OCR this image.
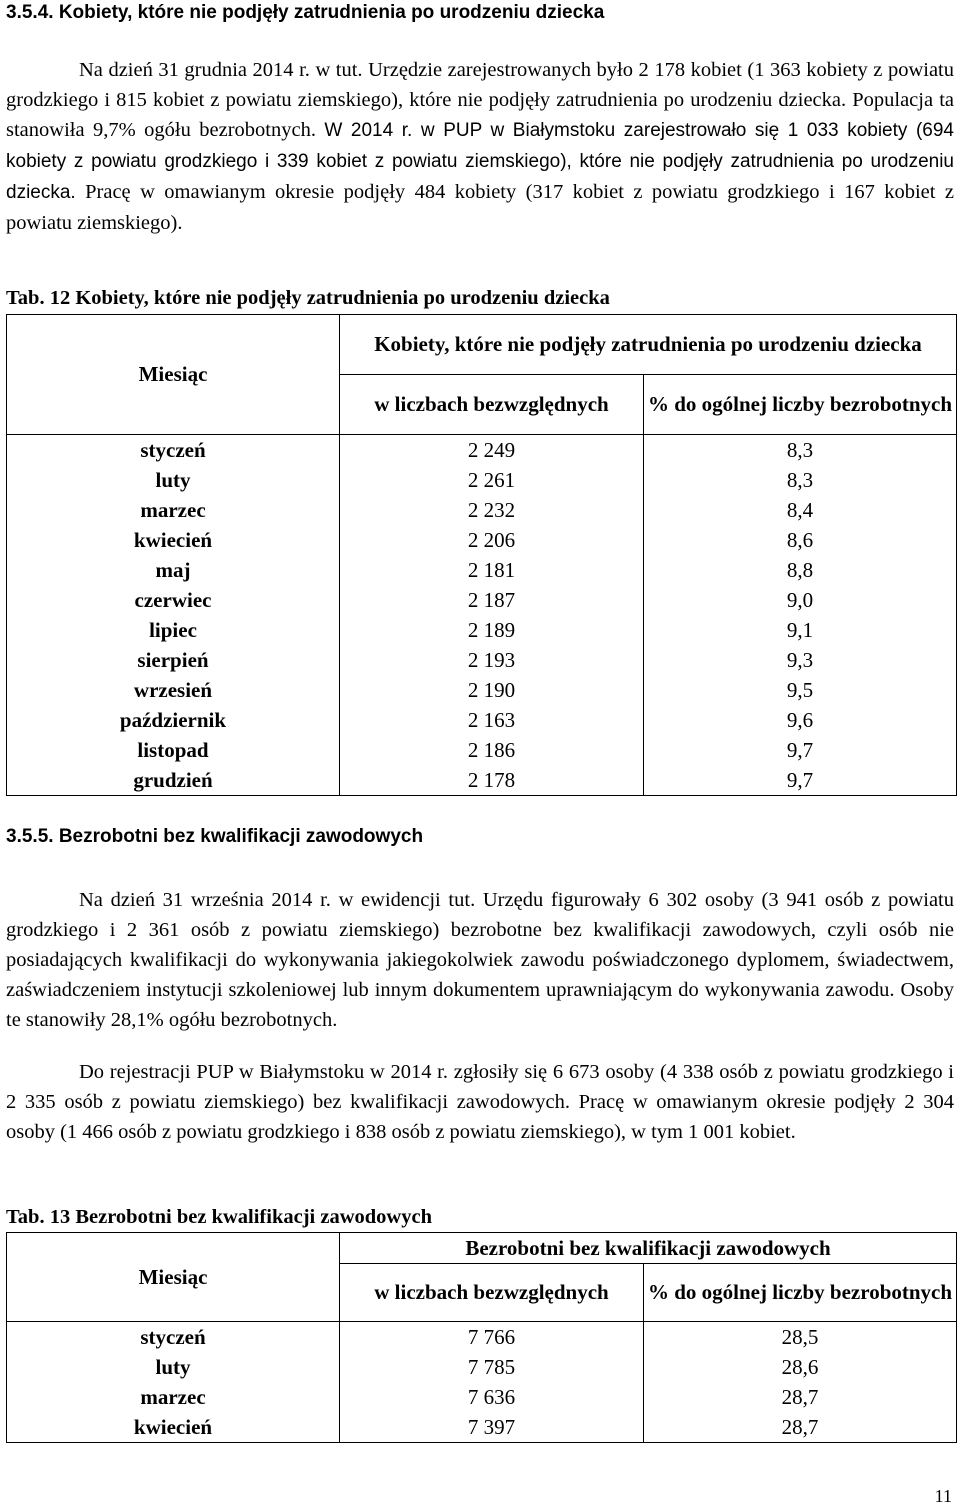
3.5.4. Kobiety, które nie podjęły zatrudnienia po urodzeniu dziecka

Na dzień 31 grudnia 2014 r. w tut. Urzędzie zarejestrowanych było 2 178 kobiet (1 363 kobiety z powiatu grodzkiego i 815 kobiet z powiatu ziemskiego), które nie podjęły zatrudnienia po urodzeniu dziecka. Populacja ta stanowiła 9,7% ogółu bezrobotnych. W 2014 r. w PUP w Białymstoku zarejestrowało się 1 033 kobiety (694 kobiety z powiatu grodzkiego i 339 kobiet z powiatu ziemskiego), które nie podjęły zatrudnienia po urodzeniu dziecka. Pracę w omawianym okresie podjęły 484 kobiety (317 kobiet z powiatu grodzkiego i 167 kobiet z powiatu ziemskiego).

Tab. 12 Kobiety, które nie podjęły zatrudnienia po urodzeniu dziecka

Miesiąc	Kobiety, które nie podjęły zatrudnienia po urodzeniu dziecka	
	w liczbach bezwzględnych	% do ogólnej liczby bezrobotnych
styczeń	2 249	8,3
luty	2 261	8,3
marzec	2 232	8,4
kwiecień	2 206	8,6
maj	2 181	8,8
czerwiec	2 187	9,0
lipiec	2 189	9,1
sierpień	2 193	9,3
wrzesień	2 190	9,5
październik	2 163	9,6
listopad	2 186	9,7
grudzień	2 178	9,7
3.5.5. Bezrobotni bez kwalifikacji zawodowych

Na dzień 31 września 2014 r. w ewidencji tut. Urzędu figurowały 6 302 osoby (3 941 osób z powiatu grodzkiego i 2 361 osób z powiatu ziemskiego) bezrobotne bez kwalifikacji zawodowych, czyli osób nie posiadających kwalifikacji do wykonywania jakiegokolwiek zawodu poświadczonego dyplomem, świadectwem, zaświadczeniem instytucji szkoleniowej lub innym dokumentem uprawniającym do wykonywania zawodu. Osoby te stanowiły 28,1% ogółu bezrobotnych.

Do rejestracji PUP w Białymstoku w 2014 r. zgłosiły się 6 673 osoby (4 338 osób z powiatu grodzkiego i 2 335 osób z powiatu ziemskiego) bez kwalifikacji zawodowych. Pracę w omawianym okresie podjęły 2 304 osoby (1 466 osób z powiatu grodzkiego i 838 osób z powiatu ziemskiego), w tym 1 001 kobiet.

Tab. 13 Bezrobotni bez kwalifikacji zawodowych

Miesiąc	Bezrobotni bez kwalifikacji zawodowych	
	w liczbach bezwzględnych	% do ogólnej liczby bezrobotnych
styczeń	7 766	28,5
luty	7 785	28,6
marzec	7 636	28,7
kwiecień	7 397	28,7
11
